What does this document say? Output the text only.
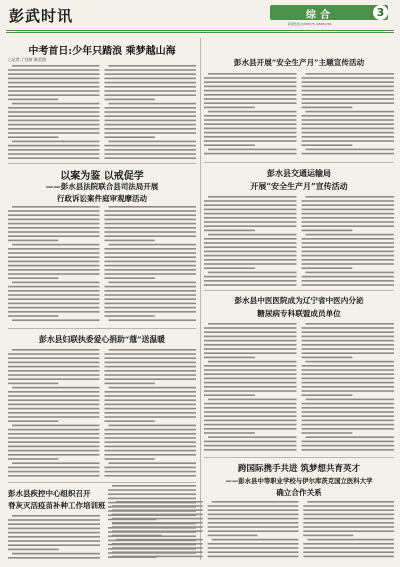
彭武时讯	综合	3
新闻热线:(0898)75 (0898)766
中考首日:少年只踏浪 乘梦越山海
○记者,丁佳妍 陈美茵
以案为鉴 以戒促学
——彭水县法院联合县司法局开展
行政诉讼案件庭审观摩活动
彭水县妇联执委爱心捐助“蔻”送温暖
彭水县疾控中心组织召开
脊灰灭活疫苗补种工作培训班
彭水县开展“安全生产月”主题宣传活动
彭水县交通运输局
开展“安全生产月”宣传活动
彭水县中医医院成为辽宁省中医内分泌
糖尿病专科联盟成员单位
跨国际携手共进 筑梦想共育英才
——彭水县中等职业学校与伊尔库茨克国立医科大学
确立合作关系
